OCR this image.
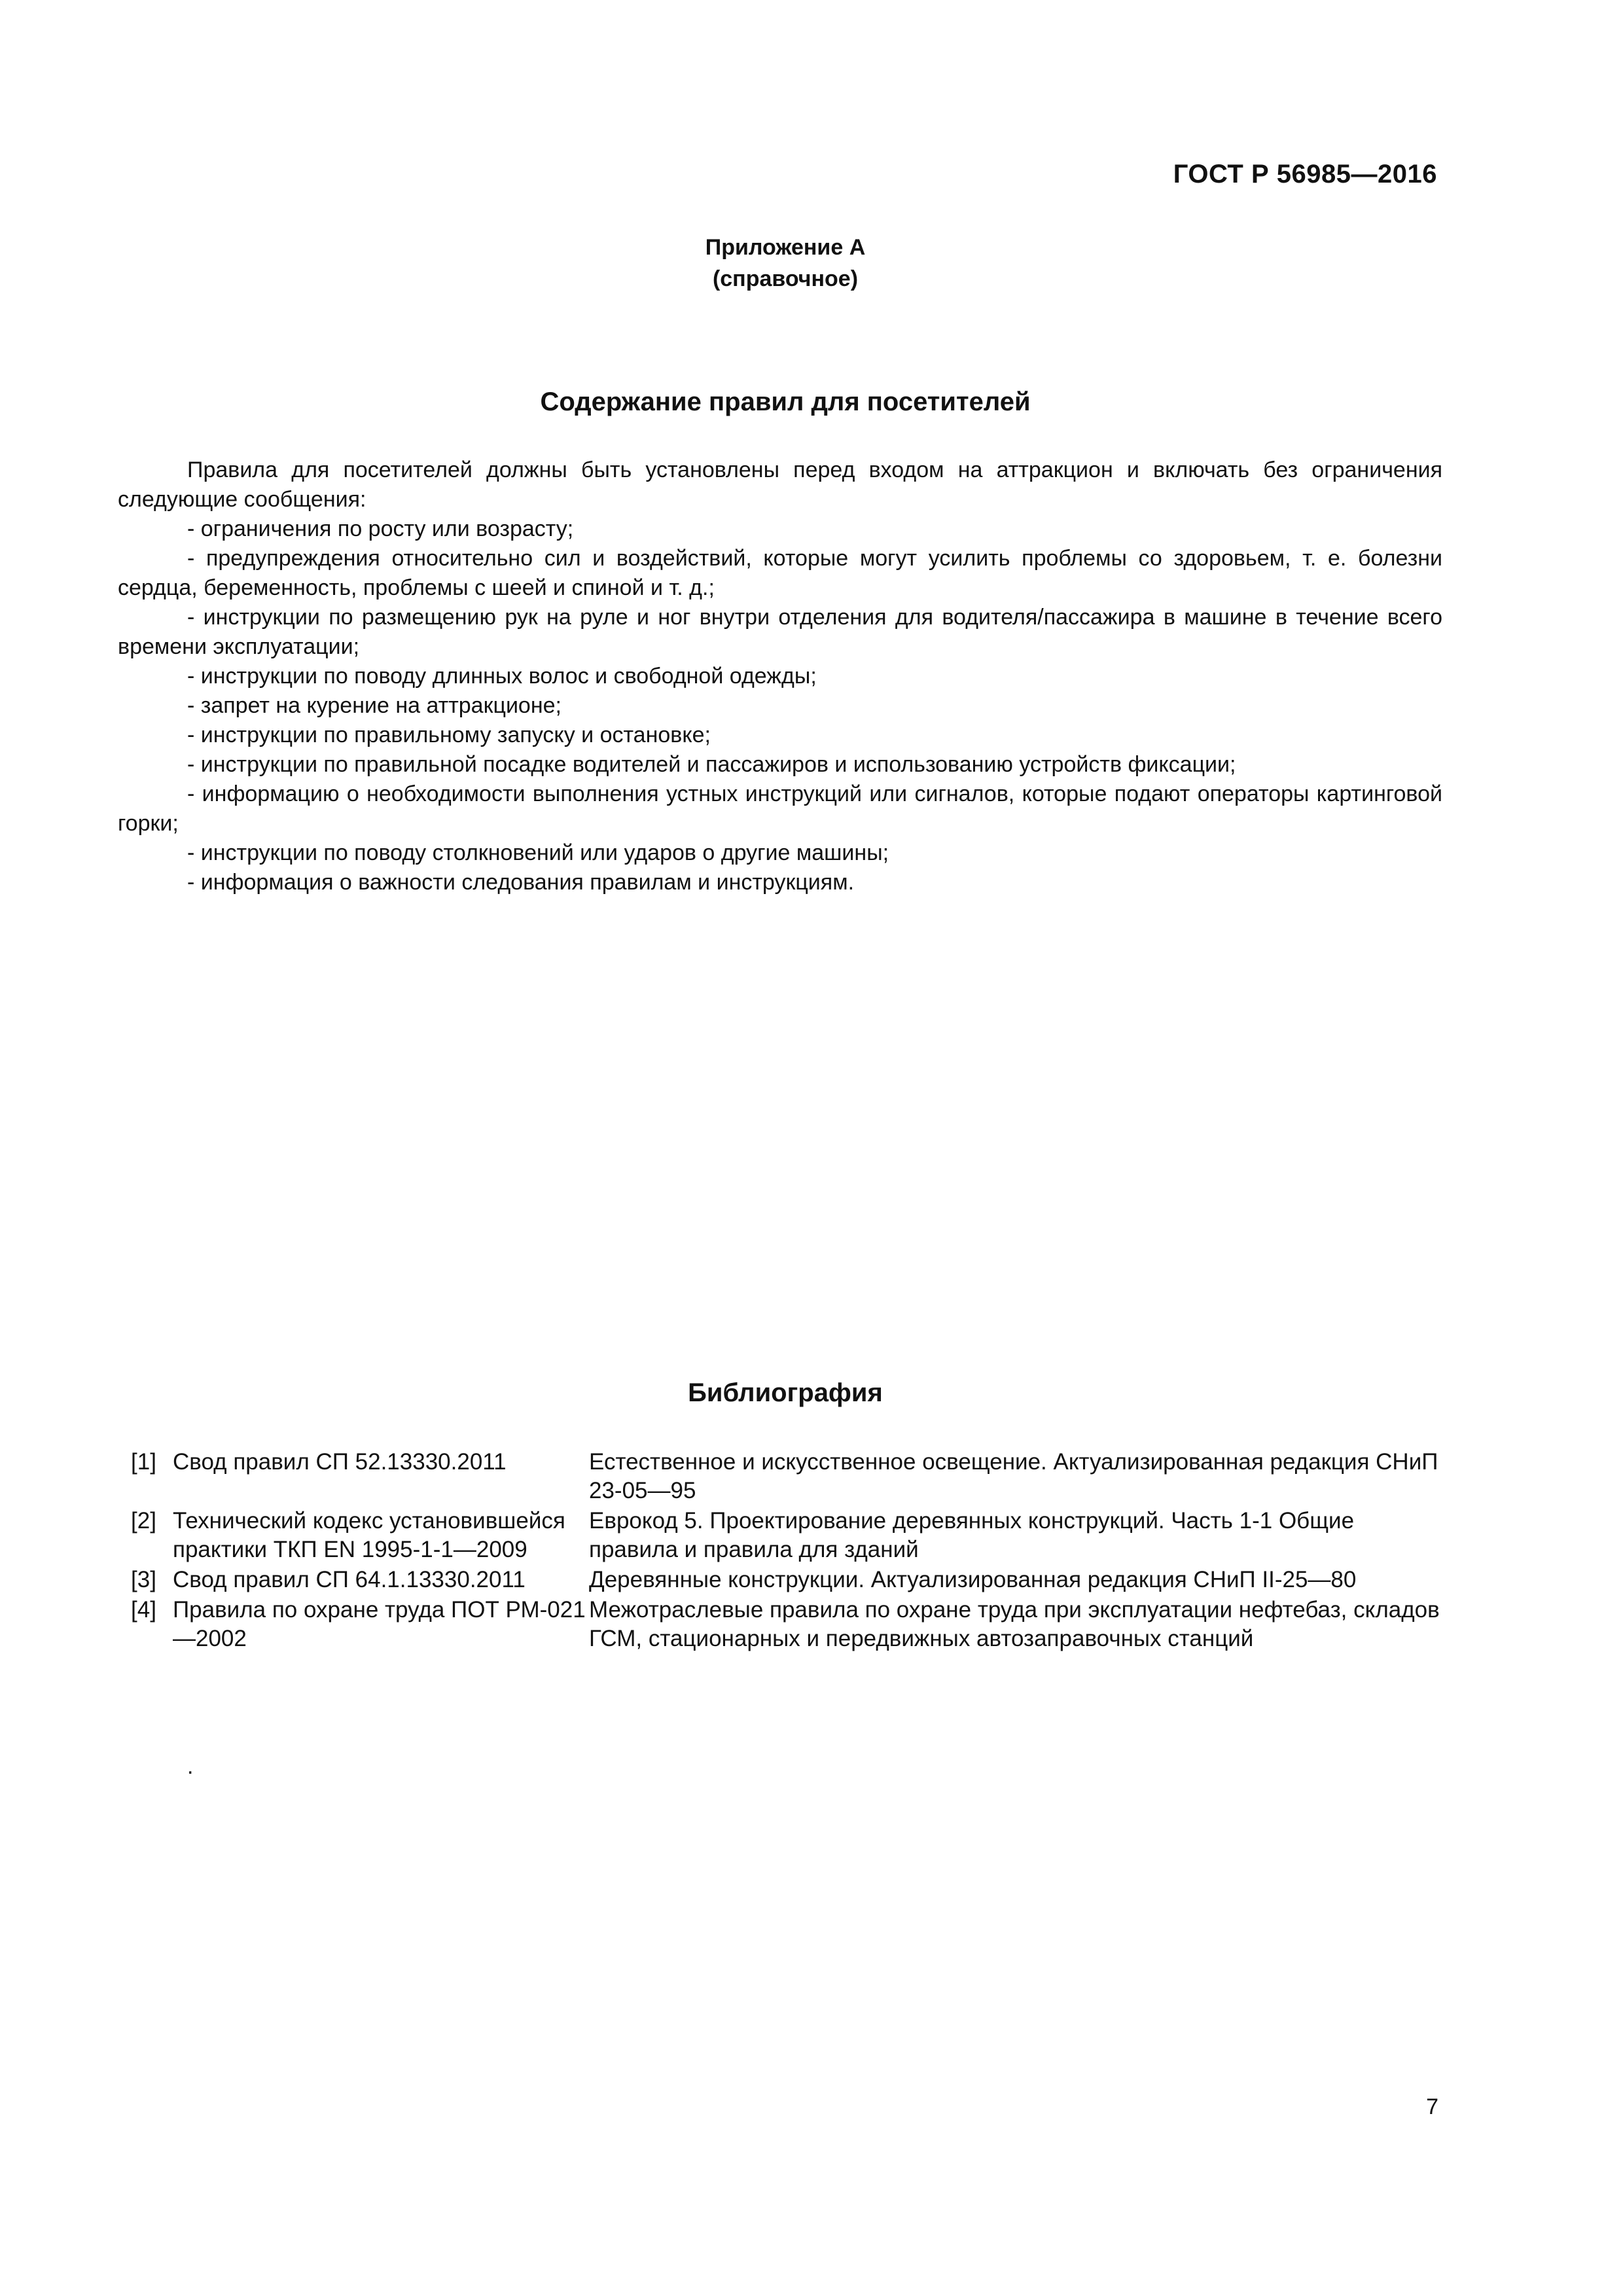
ГОСТ Р 56985—2016
Приложение А
(справочное)
Содержание правил для посетителей

Правила для посетителей должны быть установлены перед входом на аттракцион и включать без ограничения следующие сообщения:

- ограничения по росту или возрасту;

- предупреждения относительно сил и воздействий, которые могут усилить проблемы со здоровьем, т. е. болезни сердца, беременность, проблемы с шеей и спиной и т. д.;

- инструкции по размещению рук на руле и ног внутри отделения для водителя/пассажира в машине в течение всего времени эксплуатации;

- инструкции по поводу длинных волос и свободной одежды;

- запрет на курение на аттракционе;

- инструкции по правильному запуску и остановке;

- инструкции по правильной посадке водителей и пассажиров и использованию устройств фиксации;

- информацию о необходимости выполнения устных инструкций или сигналов, которые подают операторы картинговой горки;

- инструкции по поводу столкновений или ударов о другие машины;

- информация о важности следования правилам и инструкциям.

Библиография
[1] Свод правил СП 52.13330.2011	Естественное и искусственное освещение. Актуализированная редакция СНиП 23-05—95
[2] Технический кодекс установившейся практики ТКП EN 1995-1-1—2009
Еврокод 5. Проектирование деревянных конструкций. Часть 1-1 Общие правила и правила для зданий
[3] Свод правил СП 64.1.13330.2011	Деревянные конструкции. Актуализированная редакция СНиП II-25—80
[4] Правила по охране труда ПОТ РМ-021—2002
Межотраслевые правила по охране труда при эксплуатации нефтебаз, складов ГСМ, стационарных и передвижных автозаправочных станций
.
7
